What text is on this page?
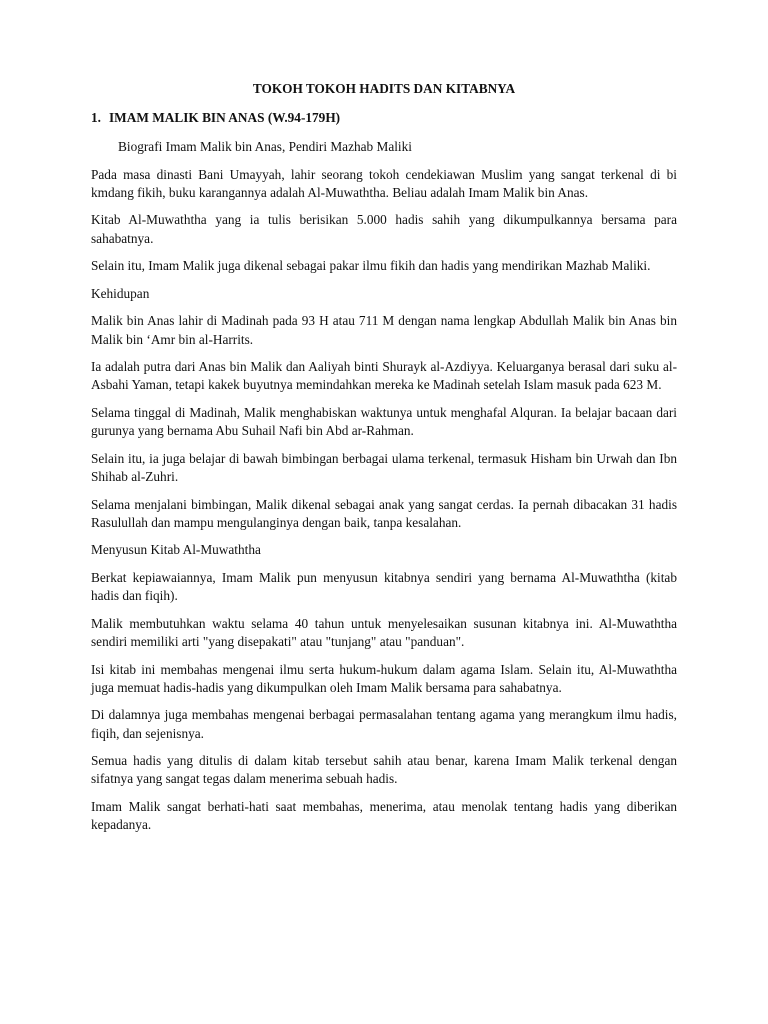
TOKOH TOKOH HADITS DAN KITABNYA
1. IMAM MALIK BIN ANAS (W.94-179H)
Biografi Imam Malik bin Anas, Pendiri Mazhab Maliki

Pada masa dinasti Bani Umayyah, lahir seorang tokoh cendekiawan Muslim yang sangat terkenal di bi kmdang fikih, buku karangannya adalah Al-Muwaththa. Beliau adalah Imam Malik bin Anas.

Kitab Al-Muwaththa yang ia tulis berisikan 5.000 hadis sahih yang dikumpulkannya bersama para sahabatnya.

Selain itu, Imam Malik juga dikenal sebagai pakar ilmu fikih dan hadis yang mendirikan Mazhab Maliki.

Kehidupan

Malik bin Anas lahir di Madinah pada 93 H atau 711 M dengan nama lengkap Abdullah Malik bin Anas bin Malik bin ‘Amr bin al-Harrits.

Ia adalah putra dari Anas bin Malik dan Aaliyah binti Shurayk al-Azdiyya. Keluarganya berasal dari suku al-Asbahi Yaman, tetapi kakek buyutnya memindahkan mereka ke Madinah setelah Islam masuk pada 623 M.

Selama tinggal di Madinah, Malik menghabiskan waktunya untuk menghafal Alquran. Ia belajar bacaan dari gurunya yang bernama Abu Suhail Nafi bin Abd ar-Rahman.

Selain itu, ia juga belajar di bawah bimbingan berbagai ulama terkenal, termasuk Hisham bin Urwah dan Ibn Shihab al-Zuhri.

Selama menjalani bimbingan, Malik dikenal sebagai anak yang sangat cerdas. Ia pernah dibacakan 31 hadis Rasulullah dan mampu mengulanginya dengan baik, tanpa kesalahan.

Menyusun Kitab Al-Muwaththa

Berkat kepiawaiannya, Imam Malik pun menyusun kitabnya sendiri yang bernama Al-Muwaththa (kitab hadis dan fiqih).

Malik membutuhkan waktu selama 40 tahun untuk menyelesaikan susunan kitabnya ini. Al-Muwaththa sendiri memiliki arti "yang disepakati" atau "tunjang" atau "panduan".

Isi kitab ini membahas mengenai ilmu serta hukum-hukum dalam agama Islam. Selain itu, Al-Muwaththa juga memuat hadis-hadis yang dikumpulkan oleh Imam Malik bersama para sahabatnya.

Di dalamnya juga membahas mengenai berbagai permasalahan tentang agama yang merangkum ilmu hadis, fiqih, dan sejenisnya.

Semua hadis yang ditulis di dalam kitab tersebut sahih atau benar, karena Imam Malik terkenal dengan sifatnya yang sangat tegas dalam menerima sebuah hadis.

Imam Malik sangat berhati-hati saat membahas, menerima, atau menolak tentang hadis yang diberikan kepadanya.
